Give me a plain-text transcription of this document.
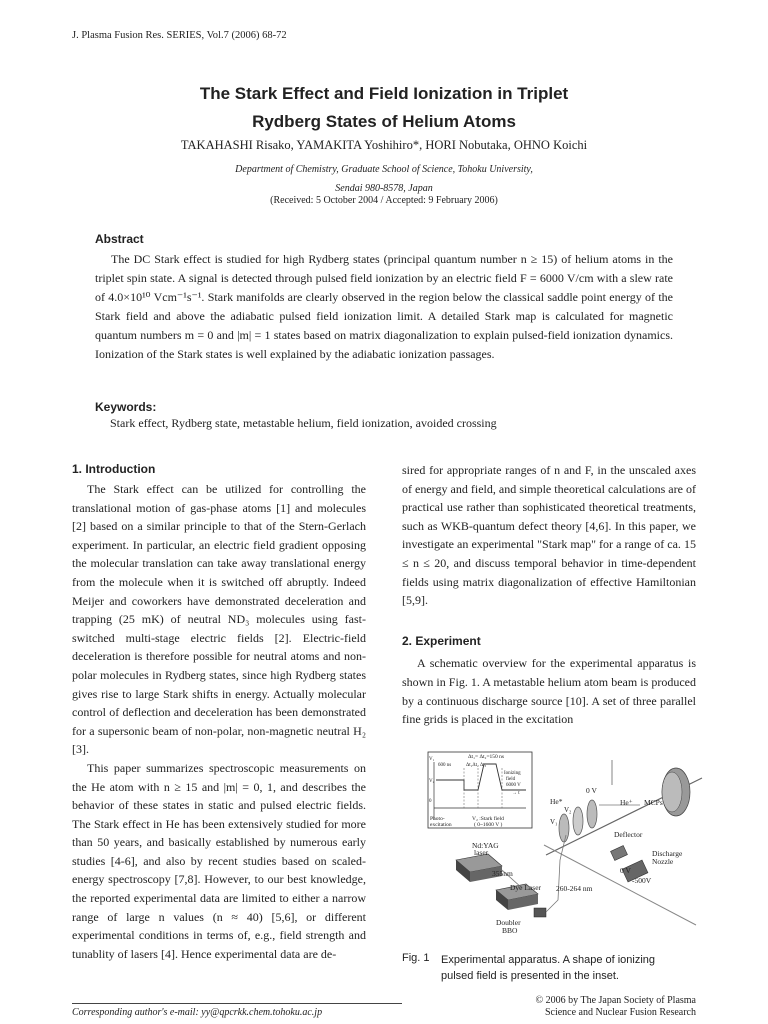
J. Plasma Fusion Res. SERIES, Vol.7 (2006) 68-72
The Stark Effect and Field Ionization in Triplet
Rydberg States of Helium Atoms
TAKAHASHI Risako, YAMAKITA Yoshihiro*, HORI Nobutaka, OHNO Koichi
Department of Chemistry, Graduate School of Science, Tohoku University,
Sendai 980-8578, Japan
(Received: 5 October 2004 / Accepted: 9 February 2006)
Abstract

The DC Stark effect is studied for high Rydberg states (principal quantum number n ≥ 15) of helium atoms in the triplet spin state. A signal is detected through pulsed field ionization by an electric field F = 6000 V/cm with a slew rate of 4.0×10¹⁰ Vcm⁻¹s⁻¹. Stark manifolds are clearly observed in the region below the classical saddle point energy of the Stark field and above the adiabatic pulsed field ionization limit. A detailed Stark map is calculated for magnetic quantum numbers m = 0 and |m| = 1 states based on matrix diagonalization to explain pulsed-field ionization dynamics. Ionization of the Stark states is well explained by the adiabatic ionization passages.

Keywords:
Stark effect, Rydberg state, metastable helium, field ionization, avoided crossing
1. Introduction

The Stark effect can be utilized for controlling the translational motion of gas-phase atoms [1] and molecules [2] based on a similar principle to that of the Stern-Gerlach experiment. In particular, an electric field gradient opposing the molecular translation can take away translational energy from the molecule when it is switched off abruptly. Indeed Meijer and coworkers have demonstrated deceleration and trapping (25 mK) of neutral ND₃ molecules using fast-switched multi-stage electric fields [2]. Electric-field deceleration is therefore possible for neutral atoms and non-polar molecules in Rydberg states, since high Rydberg states gives rise to large Stark shifts in energy. Actually molecular control of deflection and deceleration has been demonstrated for a supersonic beam of non-polar, non-magnetic neutral H₂ [3].

This paper summarizes spectroscopic measurements on the He atom with n ≥ 15 and |m| = 0, 1, and describes the behavior of these states in static and pulsed electric fields. The Stark effect in He has been extensively studied for more than 50 years, and basically established by numerous early studies [4-6], and also by recent studies based on scaled-energy spectroscopy [7,8]. However, to our best knowledge, the reported experimental data are limited to either a narrow range of large n values (n ≈ 40) [5,6], or different experimental conditions in terms of, e.g., field strength and tunablity of lasers [4]. Hence experimental data are de-

sired for appropriate ranges of n and F, in the unscaled axes of energy and field, and simple theoretical calculations are of practical use rather than sophisticated theoretical treatments, such as WKB-quantum defect theory [4,6]. In this paper, we investigate an experimental "Stark map" for a range of ca. 15 ≤ n ≤ 20, and discuss temporal behavior in time-dependent fields using matrix diagonalization of effective Hamiltonian [5,9].

2. Experiment

A schematic overview for the experimental apparatus is shown in Fig. 1. A metastable helium atom beam is produced by a continuous discharge source [10]. A set of three parallel fine grids is placed in the excitation

Δt₁= Δt₂=150 ns
600 ns	Δt₁Δt₂ Δt₃
Ionizing
field
6000 V
→ t
V₁
V₂
0
Photo-
excitation
V₂ :Stark field
( 0~1600 V )
0 V
He*
V₂
V₁
He⁺ MCPs
Deflector
Discharge
Nozzle
0 V
-500V
Nd:YAG
laser
355nm
Dye Laser 260-264 nm
Doubler
BBO
Fig. 1 Experimental apparatus. A shape of ionizing
pulsed field is presented in the inset.
Corresponding author's e-mail: yy@qpcrkk.chem.tohoku.ac.jp
© 2006 by The Japan Society of Plasma
Science and Nuclear Fusion Research
